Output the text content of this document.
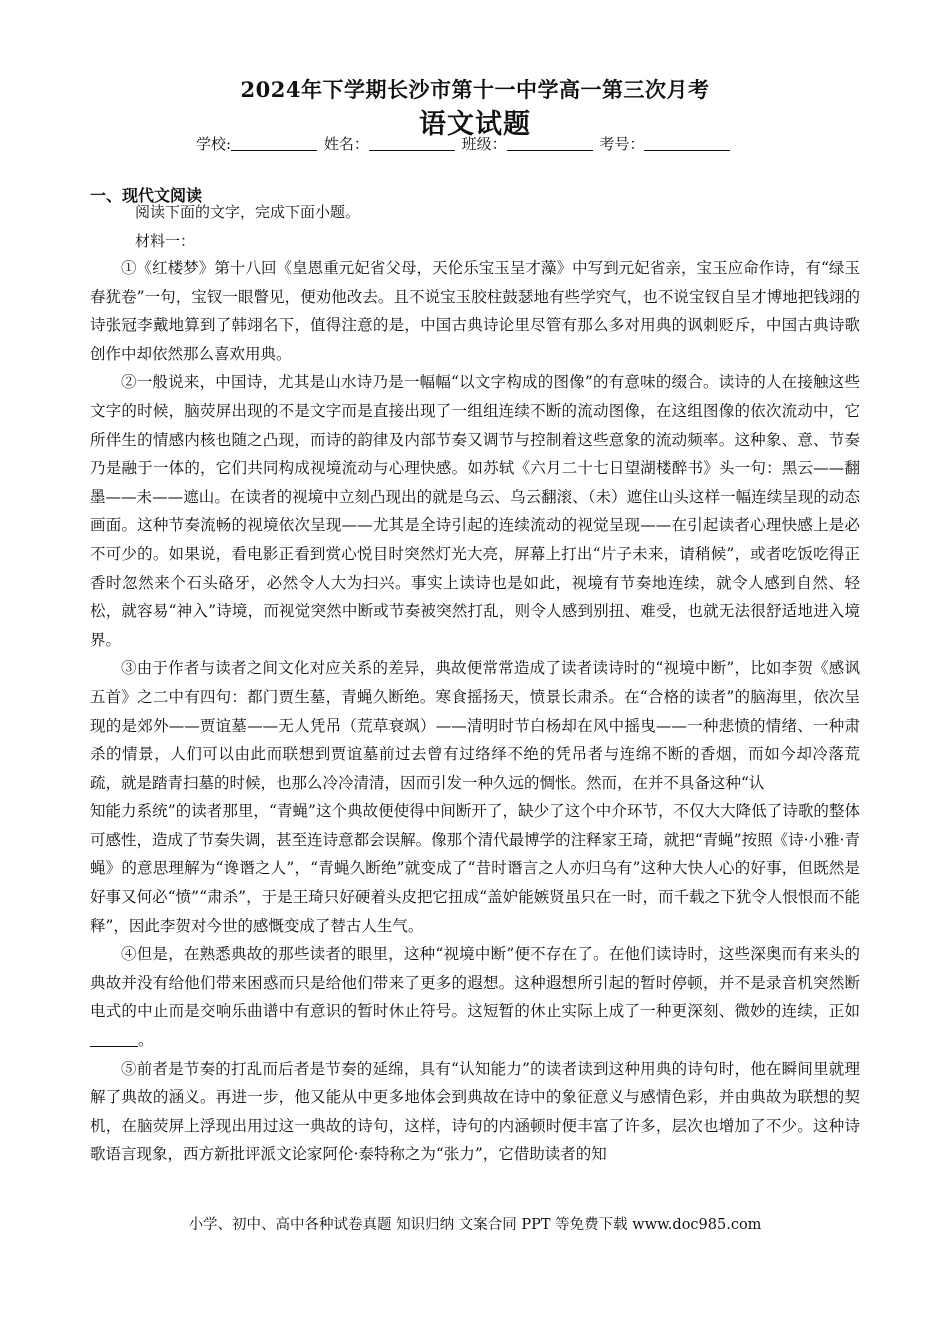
2024年下学期长沙市第十一中学高一第三次月考
语文试题
学校:	姓名：	班级：	考号：
一、现代文阅读
阅读下面的文字，完成下面小题。
材料一：

①《红楼梦》第十八回《皇恩重元妃省父母，天伦乐宝玉呈才藻》中写到元妃省亲，宝玉应命作诗，有“绿玉春犹卷”一句，宝钗一眼瞥见，便劝他改去。且不说宝玉胶柱鼓瑟地有些学究气，也不说宝钗自呈才博地把钱翊的诗张冠李戴地算到了韩翊名下，值得注意的是，中国古典诗论里尽管有那么多对用典的讽刺贬斥，中国古典诗歌创作中却依然那么喜欢用典。

②一般说来，中国诗，尤其是山水诗乃是一幅幅“以文字构成的图像”的有意味的缀合。读诗的人在接触这些文字的时候，脑荧屏出现的不是文字而是直接出现了一组组连续不断的流动图像，在这组图像的依次流动中，它所伴生的情感内核也随之凸现，而诗的韵律及内部节奏又调节与控制着这些意象的流动频率。这种象、意、节奏乃是融于一体的，它们共同构成视境流动与心理快感。如苏轼《六月二十七日望湖楼醉书》头一句：黑云——翻墨——未——遮山。在读者的视境中立刻凸现出的就是乌云、乌云翻滚、（未）遮住山头这样一幅连续呈现的动态画面。这种节奏流畅的视境依次呈现——尤其是全诗引起的连续流动的视觉呈现——在引起读者心理快感上是必不可少的。如果说，看电影正看到赏心悦目时突然灯光大亮，屏幕上打出“片子未来，请稍候”，或者吃饭吃得正香时忽然来个石头硌牙，必然令人大为扫兴。事实上读诗也是如此，视境有节奏地连续，就令人感到自然、轻松，就容易“神入”诗境，而视觉突然中断或节奏被突然打乱，则令人感到别扭、难受，也就无法很舒适地进入境界。

③由于作者与读者之间文化对应关系的差异，典故便常常造成了读者读诗时的“视境中断”，比如李贺《感讽五首》之二中有四句：都门贾生墓，青蝇久断绝。寒食摇扬天，愤景长肃杀。在“合格的读者”的脑海里，依次呈现的是郊外——贾谊墓——无人凭吊（荒草衰飒）——清明时节白杨却在风中摇曳——一种悲愤的情绪、一种肃杀的情景，人们可以由此而联想到贾谊墓前过去曾有过络绎不绝的凭吊者与连绵不断的香烟，而如今却冷落荒疏，就是踏青扫墓的时候，也那么冷冷清清，因而引发一种久远的惆怅。然而，在并不具备这种“认

知能力系统”的读者那里，“青蝇”这个典故便使得中间断开了，缺少了这个中介环节，不仅大大降低了诗歌的整体可感性，造成了节奏失调，甚至连诗意都会误解。像那个清代最博学的注释家王琦，就把“青蝇”按照《诗·小雅·青蝇》的意思理解为“谗谮之人”，“青蝇久断绝”就变成了“昔时谮言之人亦归乌有”这种大快人心的好事，但既然是好事又何必“愤”“肃杀”，于是王琦只好硬着头皮把它扭成“盖妒能嫉贤虽只在一时，而千载之下犹令人恨恨而不能释”，因此李贺对今世的感慨变成了替古人生气。

④但是，在熟悉典故的那些读者的眼里，这种“视境中断”便不存在了。在他们读诗时，这些深奥而有来头的典故并没有给他们带来困惑而只是给他们带来了更多的遐想。这种遐想所引起的暂时停顿，并不是录音机突然断电式的中止而是交响乐曲谱中有意识的暂时休止符号。这短暂的休止实际上成了一种更深刻、微妙的连续，正如。

⑤前者是节奏的打乱而后者是节奏的延绵，具有“认知能力”的读者读到这种用典的诗句时，他在瞬间里就理解了典故的涵义。再进一步，他又能从中更多地体会到典故在诗中的象征意义与感情色彩，并由典故为联想的契机，在脑荧屏上浮现出用过这一典故的诗句，这样，诗句的内涵顿时便丰富了许多，层次也增加了不少。这种诗歌语言现象，西方新批评派文论家阿伦·泰特称之为“张力”，它借助读者的知

小学、初中、高中各种试卷真题 知识归纳 文案合同 PPT 等免费下载 www.doc985.com
